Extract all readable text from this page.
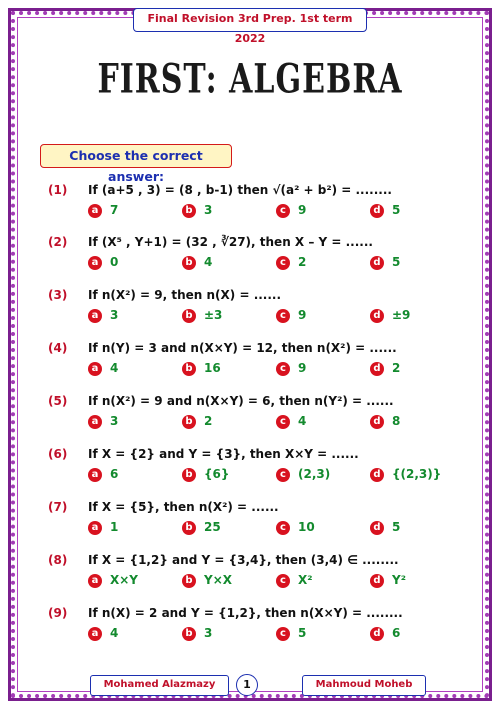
Final Revision 3rd Prep. 1st term 2022
FIRST: ALGEBRA
Choose the correct answer:
(1) If (a+5 , 3) = (8 , b-1) then √(a² + b²) = ........
a 7	b 3	c 9	d 5
(2) If (X⁵ , Y+1) = (32 , ∛27), then X – Y = ......
a 0	b 4	c 2	d 5
(3) If n(X²) = 9, then n(X) = ......
a 3	b ±3	c 9	d ±9
(4) If n(Y) = 3 and n(X×Y) = 12, then n(X²) = ......
a 4	b 16	c 9	d 2
(5) If n(X²) = 9 and n(X×Y) = 6, then n(Y²) = ......
a 3	b 2	c 4	d 8
(6) If X = {2} and Y = {3}, then X×Y = ......
a 6	b {6}	c (2,3)	d {(2,3)}
(7) If X = {5}, then n(X²) = ......
a 1	b 25	c 10	d 5
(8) If X = {1,2} and Y = {3,4}, then (3,4) ∈ ........
a X×Y	b Y×X	c X²	d Y²
(9) If n(X) = 2 and Y = {1,2}, then n(X×Y) = ........
a 4	b 3	c 5	d 6
Mohamed Alazmazy	1	Mahmoud Moheb
